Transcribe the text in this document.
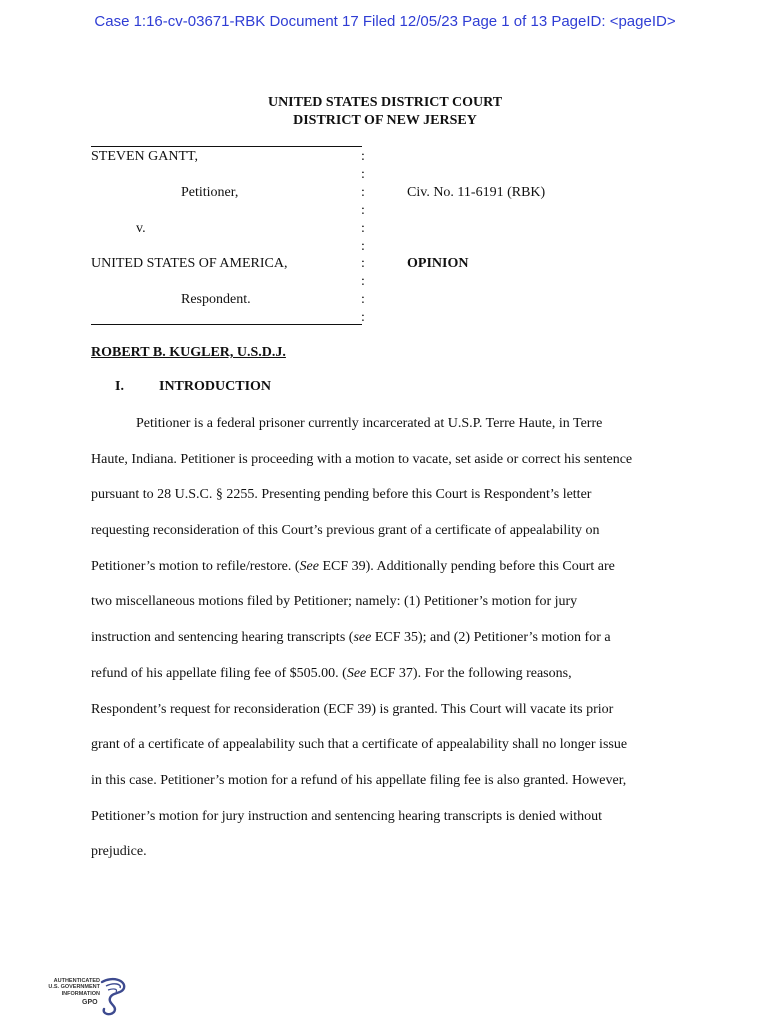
Case 1:16-cv-03671-RBK Document 17 Filed 12/05/23 Page 1 of 13 PageID: <pageID>
UNITED STATES DISTRICT COURT
DISTRICT OF NEW JERSEY
STEVEN GANTT,
Petitioner,
v.
UNITED STATES OF AMERICA,
Respondent.
:
:
:
:
:
:
:
:
:
:
Civ. No. 11-6191 (RBK)
OPINION
ROBERT B. KUGLER, U.S.D.J.
I.	INTRODUCTION
Petitioner is a federal prisoner currently incarcerated at U.S.P. Terre Haute, in Terre
Haute, Indiana. Petitioner is proceeding with a motion to vacate, set aside or correct his sentence
pursuant to 28 U.S.C. § 2255. Presenting pending before this Court is Respondent’s letter
requesting reconsideration of this Court’s previous grant of a certificate of appealability on
Petitioner’s motion to refile/restore. (See ECF 39). Additionally pending before this Court are
two miscellaneous motions filed by Petitioner; namely: (1) Petitioner’s motion for jury
instruction and sentencing hearing transcripts (see ECF 35); and (2) Petitioner’s motion for a
refund of his appellate filing fee of $505.00. (See ECF 37). For the following reasons,
Respondent’s request for reconsideration (ECF 39) is granted. This Court will vacate its prior
grant of a certificate of appealability such that a certificate of appealability shall no longer issue
in this case. Petitioner’s motion for a refund of his appellate filing fee is also granted. However,
Petitioner’s motion for jury instruction and sentencing hearing transcripts is denied without
prejudice.
AUTHENTICATED
U.S. GOVERNMENT
INFORMATION
GPO
